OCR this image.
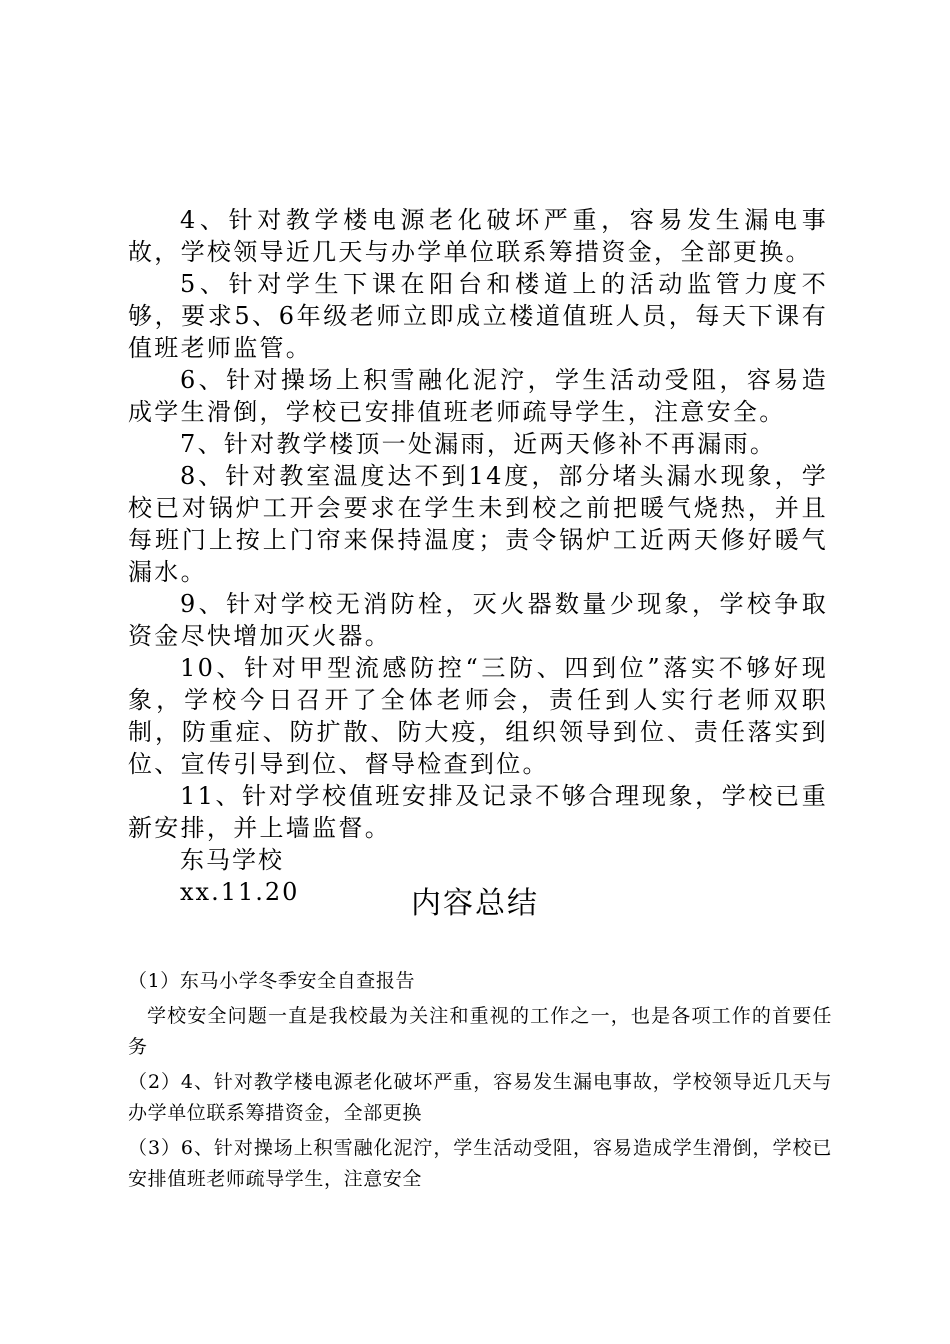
4、针对教学楼电源老化破坏严重，容易发生漏电事故，学校领导近几天与办学单位联系筹措资金，全部更换。

5、针对学生下课在阳台和楼道上的活动监管力度不够，要求5、6年级老师立即成立楼道值班人员，每天下课有值班老师监管。

6、针对操场上积雪融化泥泞，学生活动受阻，容易造成学生滑倒，学校已安排值班老师疏导学生，注意安全。

7、针对教学楼顶一处漏雨，近两天修补不再漏雨。

8、针对教室温度达不到14度，部分堵头漏水现象，学校已对锅炉工开会要求在学生未到校之前把暖气烧热，并且每班门上按上门帘来保持温度；责令锅炉工近两天修好暖气漏水。

9、针对学校无消防栓，灭火器数量少现象，学校争取资金尽快增加灭火器。

10、针对甲型流感防控“三防、四到位”落实不够好现象，学校今日召开了全体老师会，责任到人实行老师双职制，防重症、防扩散、防大疫，组织领导到位、责任落实到位、宣传引导到位、督导检查到位。

11、针对学校值班安排及记录不够合理现象，学校已重新安排，并上墙监督。

东马学校

xx.11.20	内容总结

（1）东马小学冬季安全自查报告

学校安全问题一直是我校最为关注和重视的工作之一，也是各项工作的首要任务

（2）4、针对教学楼电源老化破坏严重，容易发生漏电事故，学校领导近几天与办学单位联系筹措资金，全部更换

（3）6、针对操场上积雪融化泥泞，学生活动受阻，容易造成学生滑倒，学校已安排值班老师疏导学生，注意安全
